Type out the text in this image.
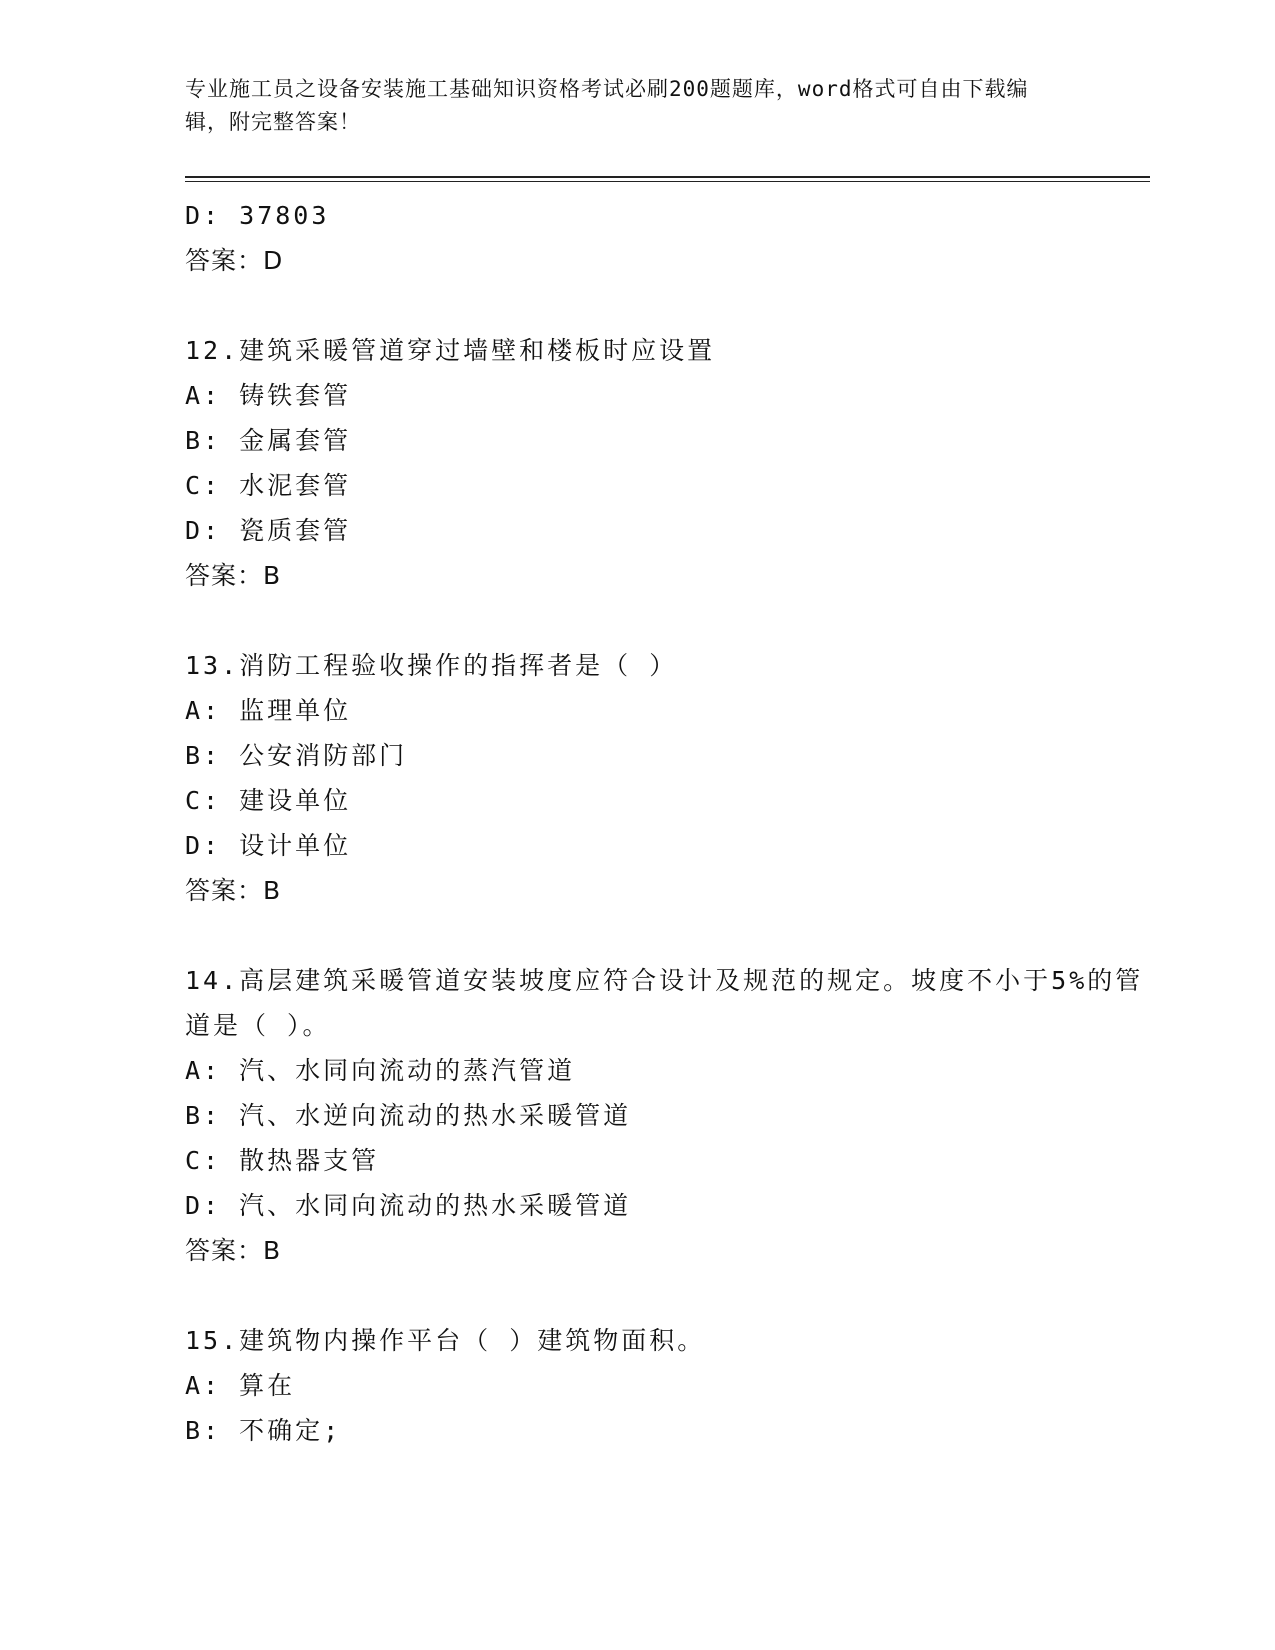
专业施工员之设备安装施工基础知识资格考试必刷200题题库，word格式可自由下载编辑，附完整答案！
D: 37803
答案：D
12.建筑采暖管道穿过墙壁和楼板时应设置
A: 铸铁套管
B: 金属套管
C: 水泥套管
D: 瓷质套管
答案：B
13.消防工程验收操作的指挥者是（ ）
A: 监理单位
B: 公安消防部门
C: 建设单位
D: 设计单位
答案：B
14.高层建筑采暖管道安装坡度应符合设计及规范的规定。坡度不小于5%的管道是（ ）。
A: 汽、水同向流动的蒸汽管道
B: 汽、水逆向流动的热水采暖管道
C: 散热器支管
D: 汽、水同向流动的热水采暖管道
答案：B
15.建筑物内操作平台（ ）建筑物面积。
A: 算在
B: 不确定;
